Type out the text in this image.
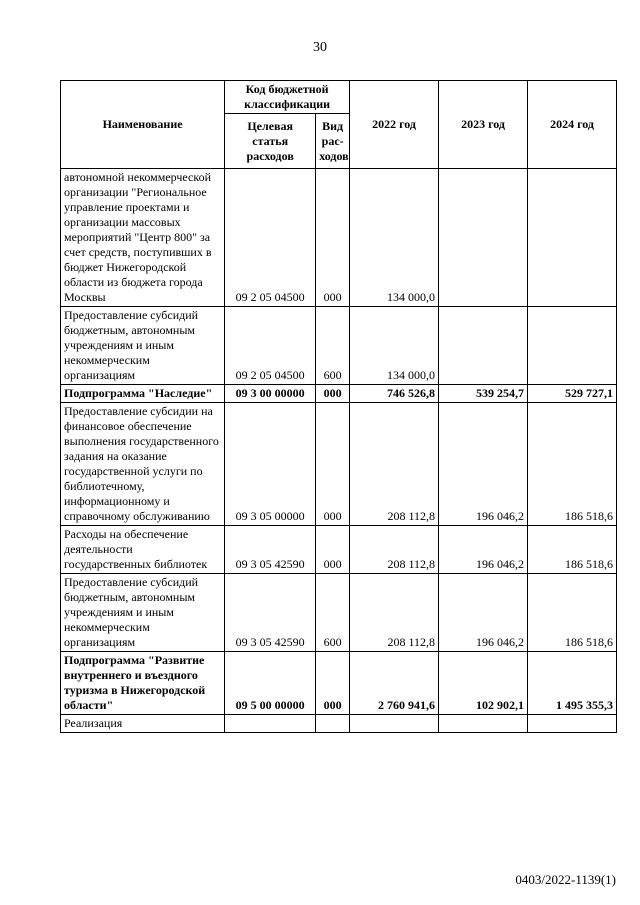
30
Наименование	Код бюджетной классификации		2022 год	2023 год	2024 год
	Целевая статья расходов	Вид рас-ходов			
автономной некоммерческой организации "Региональное управление проектами и организации массовых мероприятий "Центр 800" за счет средств, поступивших в бюджет Нижегородской области из бюджета города Москвы	09 2 05 04500	000	134 000,0		
Предоставление субсидий бюджетным, автономным учреждениям и иным некоммерческим организациям	09 2 05 04500	600	134 000,0		
Подпрограмма "Наследие"	09 3 00 00000	000	746 526,8	539 254,7	529 727,1
Предоставление субсидии на финансовое обеспечение выполнения государственного задания на оказание государственной услуги по библиотечному, информационному и справочному обслуживанию	09 3 05 00000	000	208 112,8	196 046,2	186 518,6
Расходы на обеспечение деятельности государственных библиотек	09 3 05 42590	000	208 112,8	196 046,2	186 518,6
Предоставление субсидий бюджетным, автономным учреждениям и иным некоммерческим организациям	09 3 05 42590	600	208 112,8	196 046,2	186 518,6
Подпрограмма "Развитие внутреннего и въездного туризма в Нижегородской области"	09 5 00 00000	000	2 760 941,6	102 902,1	1 495 355,3
Реализация					
0403/2022-1139(1)
